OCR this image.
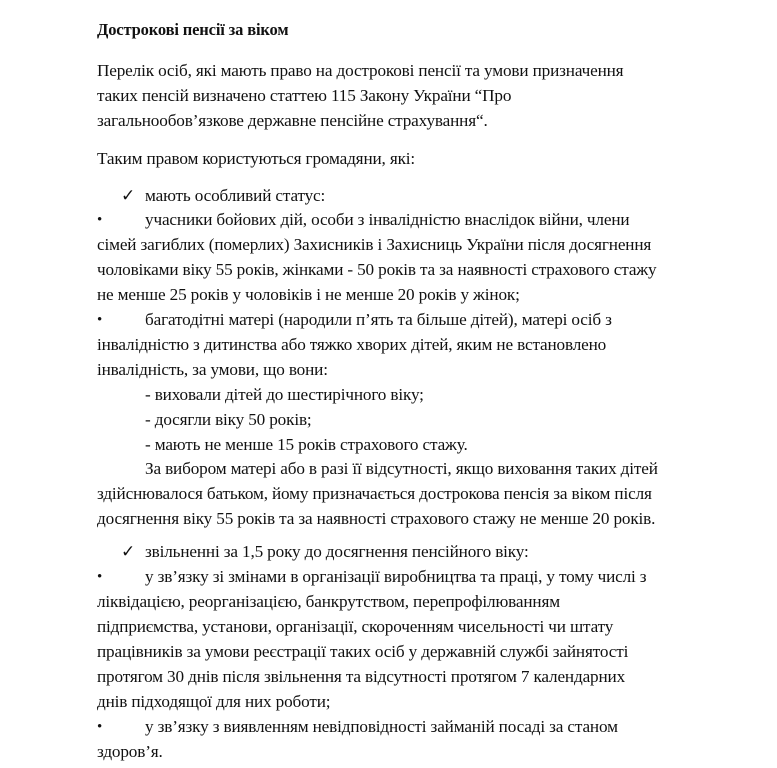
Дострокові пенсії за віком
Перелік осіб, які мають право на дострокові пенсії та умови призначення
таких пенсій визначено статтею 115 Закону України “Про
загальнообов’язкове державне пенсійне страхування“.
Таким правом користуються громадяни, які:
✓ мають особливий статус:
• учасники бойових дій, особи з інвалідністю внаслідок війни, члени
сімей загиблих (померлих) Захисників і Захисниць України після досягнення
чоловіками віку 55 років, жінками - 50 років та за наявності страхового стажу
не менше 25 років у чоловіків і не менше 20 років у жінок;
• багатодітні матері (народили п’ять та більше дітей), матері осіб з
інвалідністю з дитинства або тяжко хворих дітей, яким не встановлено
інвалідність, за умови, що вони:
- виховали дітей до шестирічного віку;
- досягли віку 50 років;
- мають не менше 15 років страхового стажу.
За вибором матері або в разі її відсутності, якщо виховання таких дітей
здійснювалося батьком, йому призначається дострокова пенсія за віком після
досягнення віку 55 років та за наявності страхового стажу не менше 20 років.
✓ звільненні за 1,5 року до досягнення пенсійного віку:
• у зв’язку зі змінами в організації виробництва та праці, у тому числі з
ліквідацією, реорганізацією, банкрутством, перепрофілюванням
підприємства, установи, організації, скороченням чисельності чи штату
працівників за умови реєстрації таких осіб у державній службі зайнятості
протягом 30 днів після звільнення та відсутності протягом 7 календарних
днів підходящої для них роботи;
• у зв’язку з виявленням невідповідності займаній посаді за станом
здоров’я.
